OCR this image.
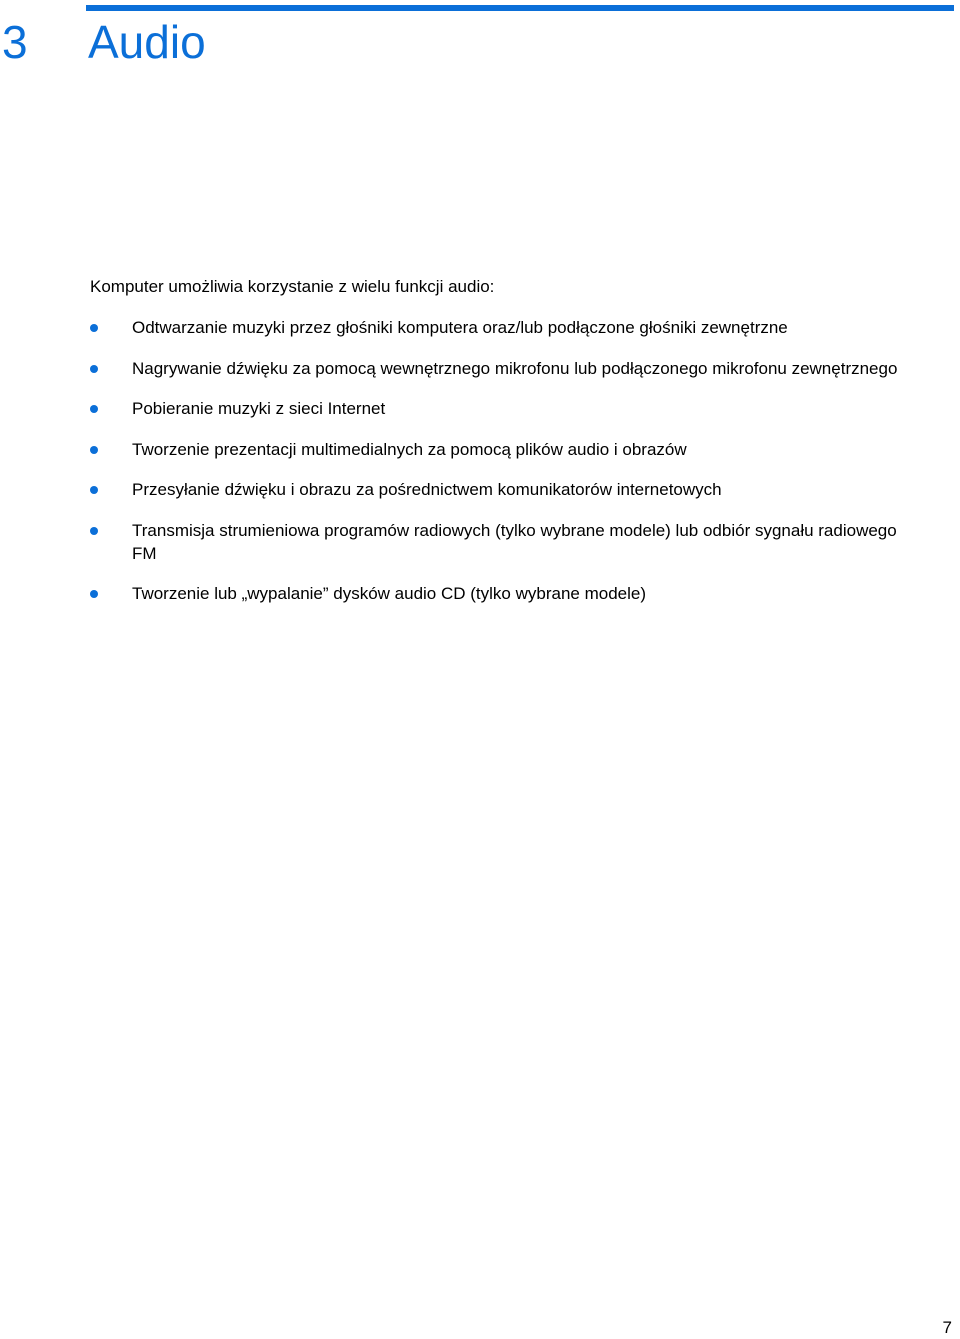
3 Audio

Komputer umożliwia korzystanie z wielu funkcji audio:

Odtwarzanie muzyki przez głośniki komputera oraz/lub podłączone głośniki zewnętrzne
Nagrywanie dźwięku za pomocą wewnętrznego mikrofonu lub podłączonego mikrofonu zewnętrznego
Pobieranie muzyki z sieci Internet
Tworzenie prezentacji multimedialnych za pomocą plików audio i obrazów
Przesyłanie dźwięku i obrazu za pośrednictwem komunikatorów internetowych
Transmisja strumieniowa programów radiowych (tylko wybrane modele) lub odbiór sygnału radiowego FM
Tworzenie lub „wypalanie” dysków audio CD (tylko wybrane modele)
7
